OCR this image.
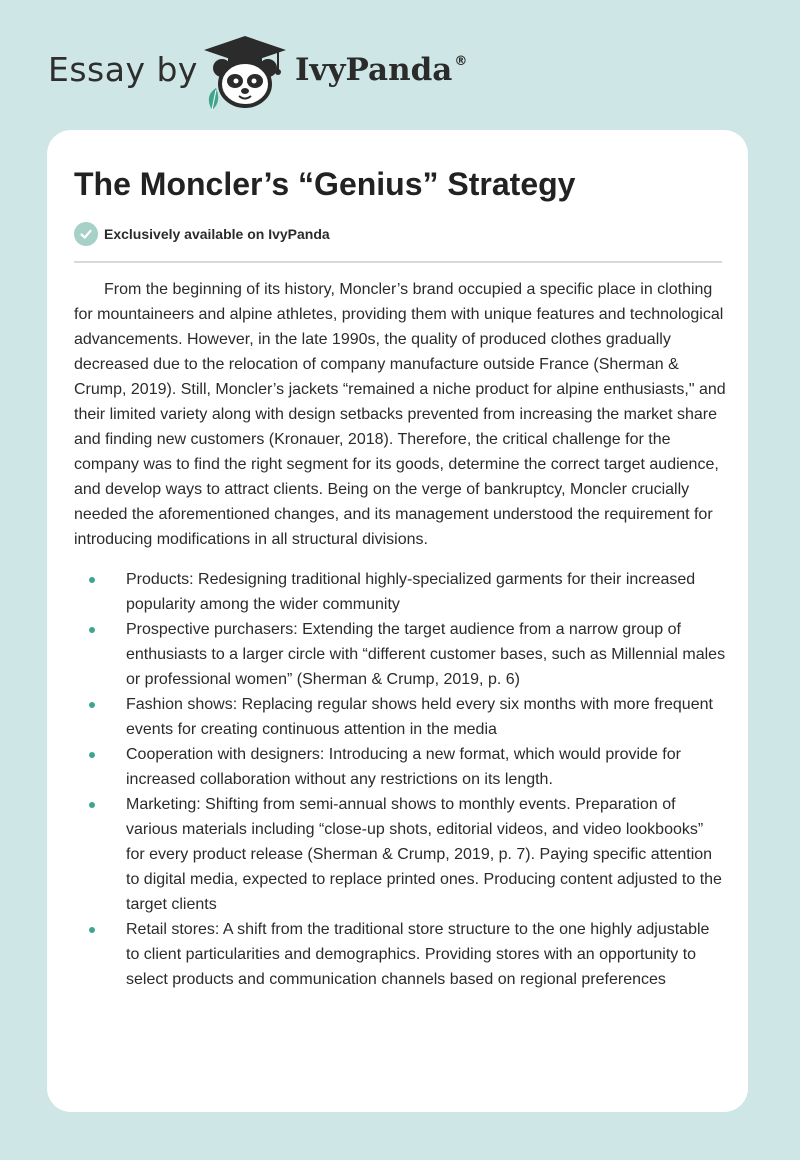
Essay by	IvyPanda ®
The Moncler’s “Genius” Strategy
Exclusively available on IvyPanda

From the beginning of its history, Moncler’s brand occupied a specific place in clothing for mountaineers and alpine athletes, providing them with unique features and technological advancements. However, in the late 1990s, the quality of produced clothes gradually decreased due to the relocation of company manufacture outside France (Sherman & Crump, 2019). Still, Moncler’s jackets “remained a niche product for alpine enthusiasts," and their limited variety along with design setbacks prevented from increasing the market share and finding new customers (Kronauer, 2018). Therefore, the critical challenge for the company was to find the right segment for its goods, determine the correct target audience, and develop ways to attract clients. Being on the verge of bankruptcy, Moncler crucially needed the aforementioned changes, and its management understood the requirement for introducing modifications in all structural divisions.

Products: Redesigning traditional highly-specialized garments for their increased popularity among the wider community
Prospective purchasers: Extending the target audience from a narrow group of enthusiasts to a larger circle with “different customer bases, such as Millennial males or professional women” (Sherman & Crump, 2019, p. 6)
Fashion shows: Replacing regular shows held every six months with more frequent events for creating continuous attention in the media
Cooperation with designers: Introducing a new format, which would provide for increased collaboration without any restrictions on its length.
Marketing: Shifting from semi-annual shows to monthly events. Preparation of various materials including “close-up shots, editorial videos, and video lookbooks” for every product release (Sherman & Crump, 2019, p. 7). Paying specific attention to digital media, expected to replace printed ones. Producing content adjusted to the target clients
Retail stores: A shift from the traditional store structure to the one highly adjustable to client particularities and demographics. Providing stores with an opportunity to select products and communication channels based on regional preferences
